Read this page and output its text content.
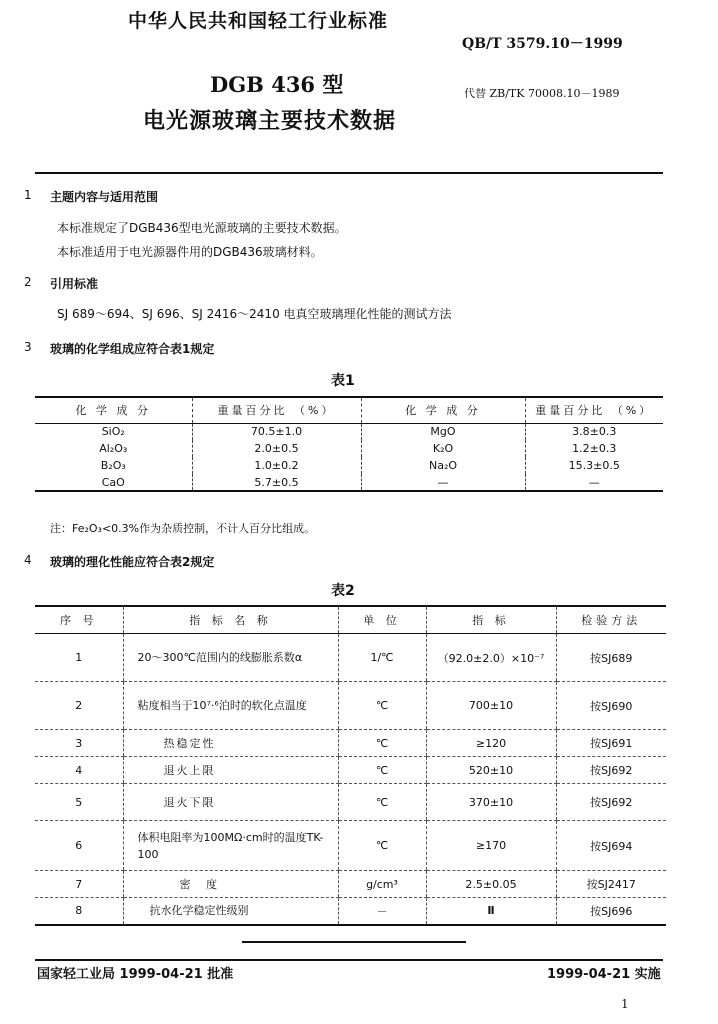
中华人民共和国轻工行业标准
QB/T 3579.10－1999
DGB 436 型	代替 ZB/TK 70008.10－1989
电光源玻璃主要技术数据
1 主题内容与适用范围
本标准规定了DGB436型电光源玻璃的主要技术数据。
本标准适用于电光源器件用的DGB436玻璃材料。
2 引用标准
SJ 689～694、SJ 696、SJ 2416～2410 电真空玻璃理化性能的测试方法
3 玻璃的化学组成应符合表1规定
表1
化 学 成 分	重量百分比 （%）	化 学 成 分	重量百分比 （%）
SiO₂	70.5±1.0	MgO	3.8±0.3
Al₂O₃	2.0±0.5	K₂O	1.2±0.3
B₂O₃	1.0±0.2	Na₂O	15.3±0.5
CaO	5.7±0.5	—	—
注：Fe₂O₃<0.3%作为杂质控制，不计人百分比组成。
4 玻璃的理化性能应符合表2规定
表2
序 号	指 标 名 称	单 位	指 标	检验方法
1	20～300℃范围内的线膨胀系数α	1/℃	（92.0±2.0）×10⁻⁷	按SJ689
2	粘度相当于10⁷·⁶泊时的软化点温度	℃	700±10	按SJ690
3	热稳定性	℃	≥120	按SJ691
4	退火上限	℃	520±10	按SJ692
5	退火下限	℃	370±10	按SJ692
6	体积电阻率为100MΩ·cm时的温度TK-100	℃	≥170	按SJ694
7	密 度	g/cm³	2.5±0.05	按SJ2417
8	抗水化学稳定性级别	－	Ⅱ	按SJ696
国家轻工业局 1999-04-21 批准	1999-04-21 实施
1
